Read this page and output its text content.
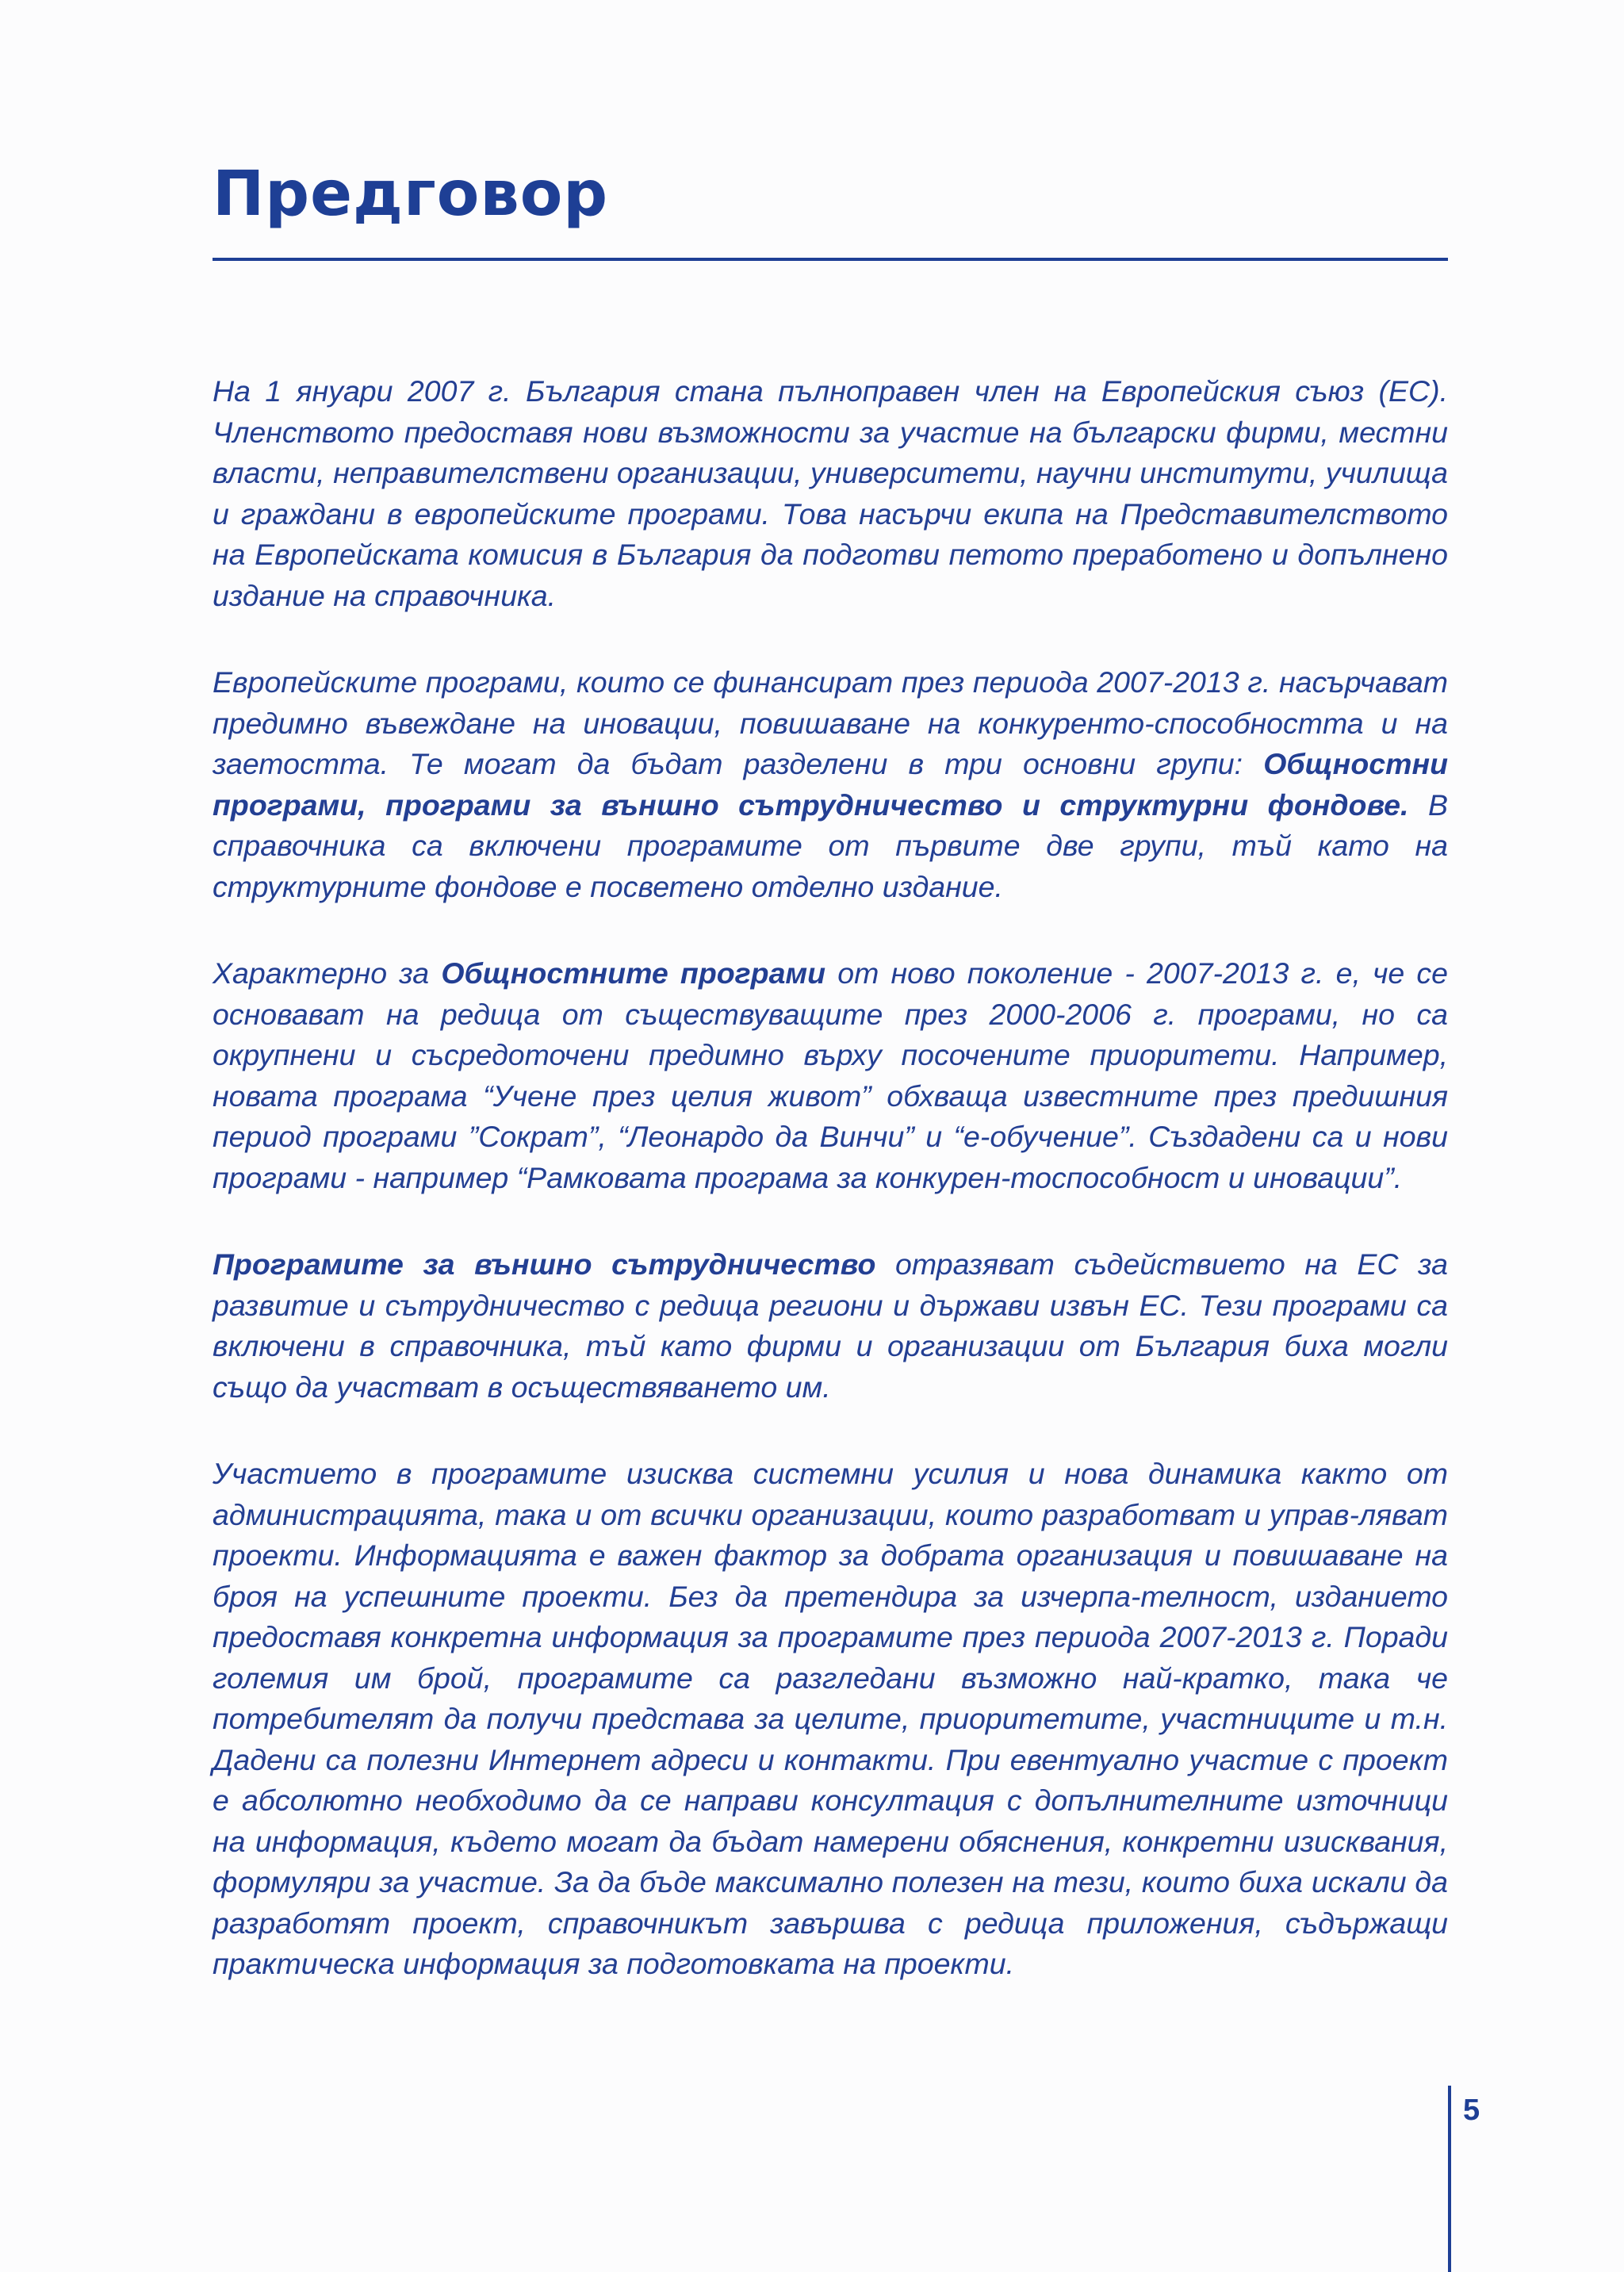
Предговор

На 1 януари 2007 г. България стана пълноправен член на Европейския съюз (ЕС). Членството предоставя нови възможности за участие на български фирми, местни власти, неправителствени организации, университети, научни институти, училища и граждани в европейските програми. Това насърчи екипа на Представителството на Европейската комисия в България да подготви петото преработено и допълнено издание на справочника.

Европейските програми, които се финансират през периода 2007-2013 г. насърчават предимно въвеждане на иновации, повишаване на конкуренто-способността и на заетостта. Те могат да бъдат разделени в три основни групи: Общностни програми, програми за външно сътрудничество и структурни фондове. В справочника са включени програмите от първите две групи, тъй като на структурните фондове е посветено отделно издание.

Характерно за Общностните програми от ново поколение - 2007-2013 г. е, че се основават на редица от съществуващите през 2000-2006 г. програми, но са окрупнени и съсредоточени предимно върху посочените приоритети. Например, новата програма “Учене през целия живот” обхваща известните през предишния период програми ”Сократ”, “Леонардо да Винчи” и “е-обучение”. Създадени са и нови програми - например “Рамковата програма за конкурен-тоспособност и иновации”.

Програмите за външно сътрудничество отразяват съдействието на ЕС за развитие и сътрудничество с редица региони и държави извън ЕС. Тези програми са включени в справочника, тъй като фирми и организации от България биха могли също да участват в осъществяването им.

Участието в програмите изисква системни усилия и нова динамика както от администрацията, така и от всички организации, които разработват и управ-ляват проекти. Информацията е важен фактор за добрата организация и повишаване на броя на успешните проекти. Без да претендира за изчерпа-телност, изданието предоставя конкретна информация за програмите през периода 2007-2013 г. Поради големия им брой, програмите са разгледани възможно най-кратко, така че потребителят да получи представа за целите, приоритетите, участниците и т.н. Дадени са полезни Интернет адреси и контакти. При евентуално участие с проект е абсолютно необходимо да се направи консултация с допълнителните източници на информация, където могат да бъдат намерени обяснения, конкретни изисквания, формуляри за участие. За да бъде максимално полезен на тези, които биха искали да разработят проект, справочникът завършва с редица приложения, съдържащи практическа информация за подготовката на проекти.

5
